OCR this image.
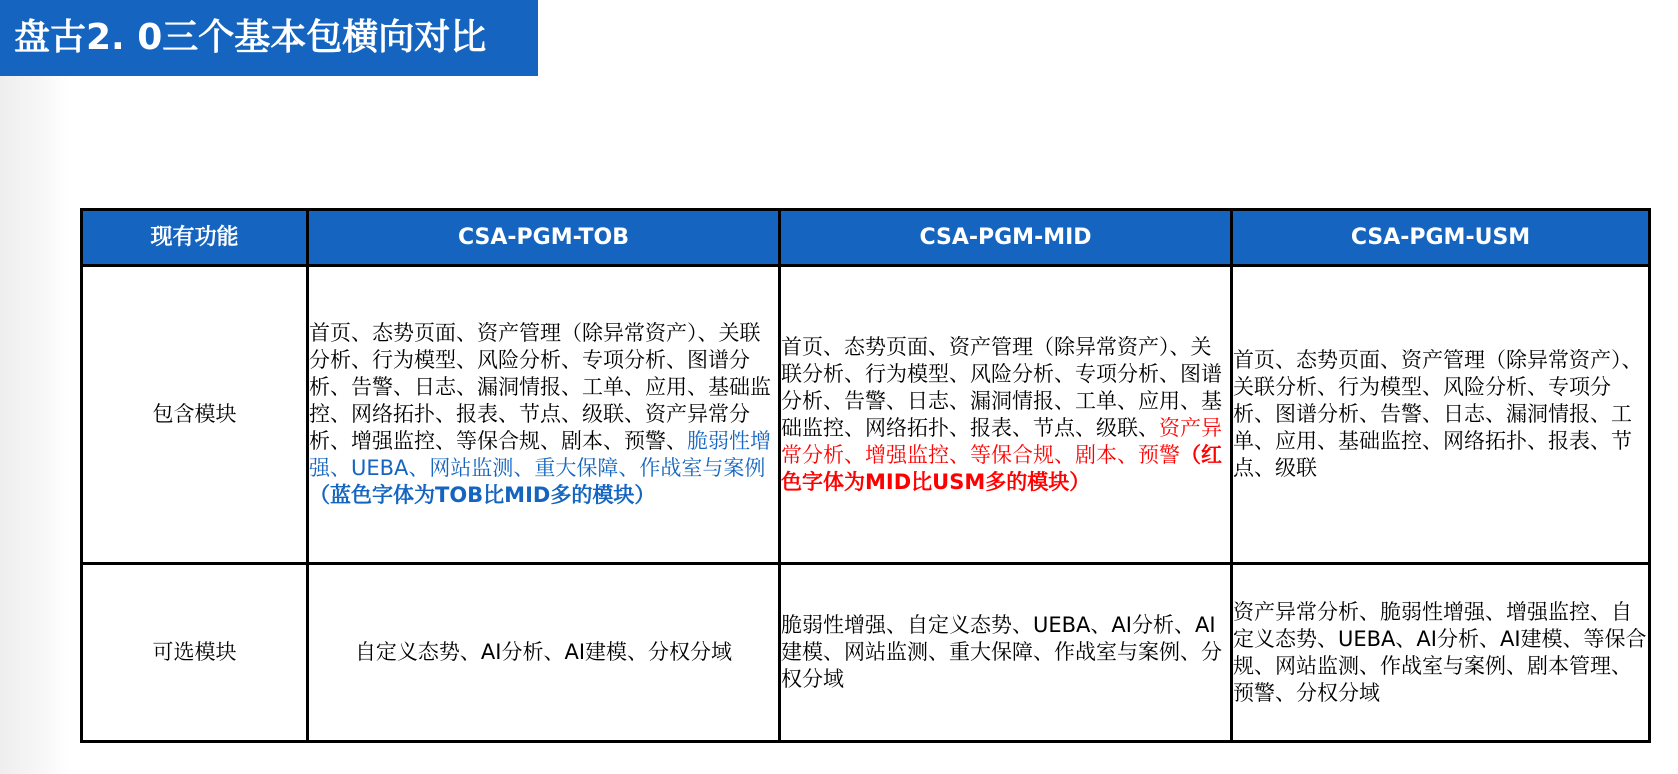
盘古2. 0三个基本包横向对比
现有功能	CSA-PGM-TOB	CSA-PGM-MID	CSA-PGM-USM
包含模块	首页、态势页面、资产管理（除异常资产）、关联分析、行为模型、风险分析、专项分析、图谱分析、告警、日志、漏洞情报、工单、应用、基础监控、网络拓扑、报表、节点、级联、资产异常分析、增强监控、等保合规、剧本、预警、脆弱性增强、UEBA、网站监测、重大保障、作战室与案例（蓝色字体为TOB比MID多的模块）	首页、态势页面、资产管理（除异常资产）、关联分析、行为模型、风险分析、专项分析、图谱分析、告警、日志、漏洞情报、工单、应用、基础监控、网络拓扑、报表、节点、级联、资产异常分析、增强监控、等保合规、剧本、预警（红色字体为MID比USM多的模块）	首页、态势页面、资产管理（除异常资产）、关联分析、行为模型、风险分析、专项分析、图谱分析、告警、日志、漏洞情报、工单、应用、基础监控、网络拓扑、报表、节点、级联
可选模块	自定义态势、AI分析、AI建模、分权分域	脆弱性增强、自定义态势、UEBA、AI分析、AI建模、网站监测、重大保障、作战室与案例、分权分域	资产异常分析、脆弱性增强、增强监控、自定义态势、UEBA、AI分析、AI建模、等保合规、网站监测、作战室与案例、剧本管理、预警、分权分域
